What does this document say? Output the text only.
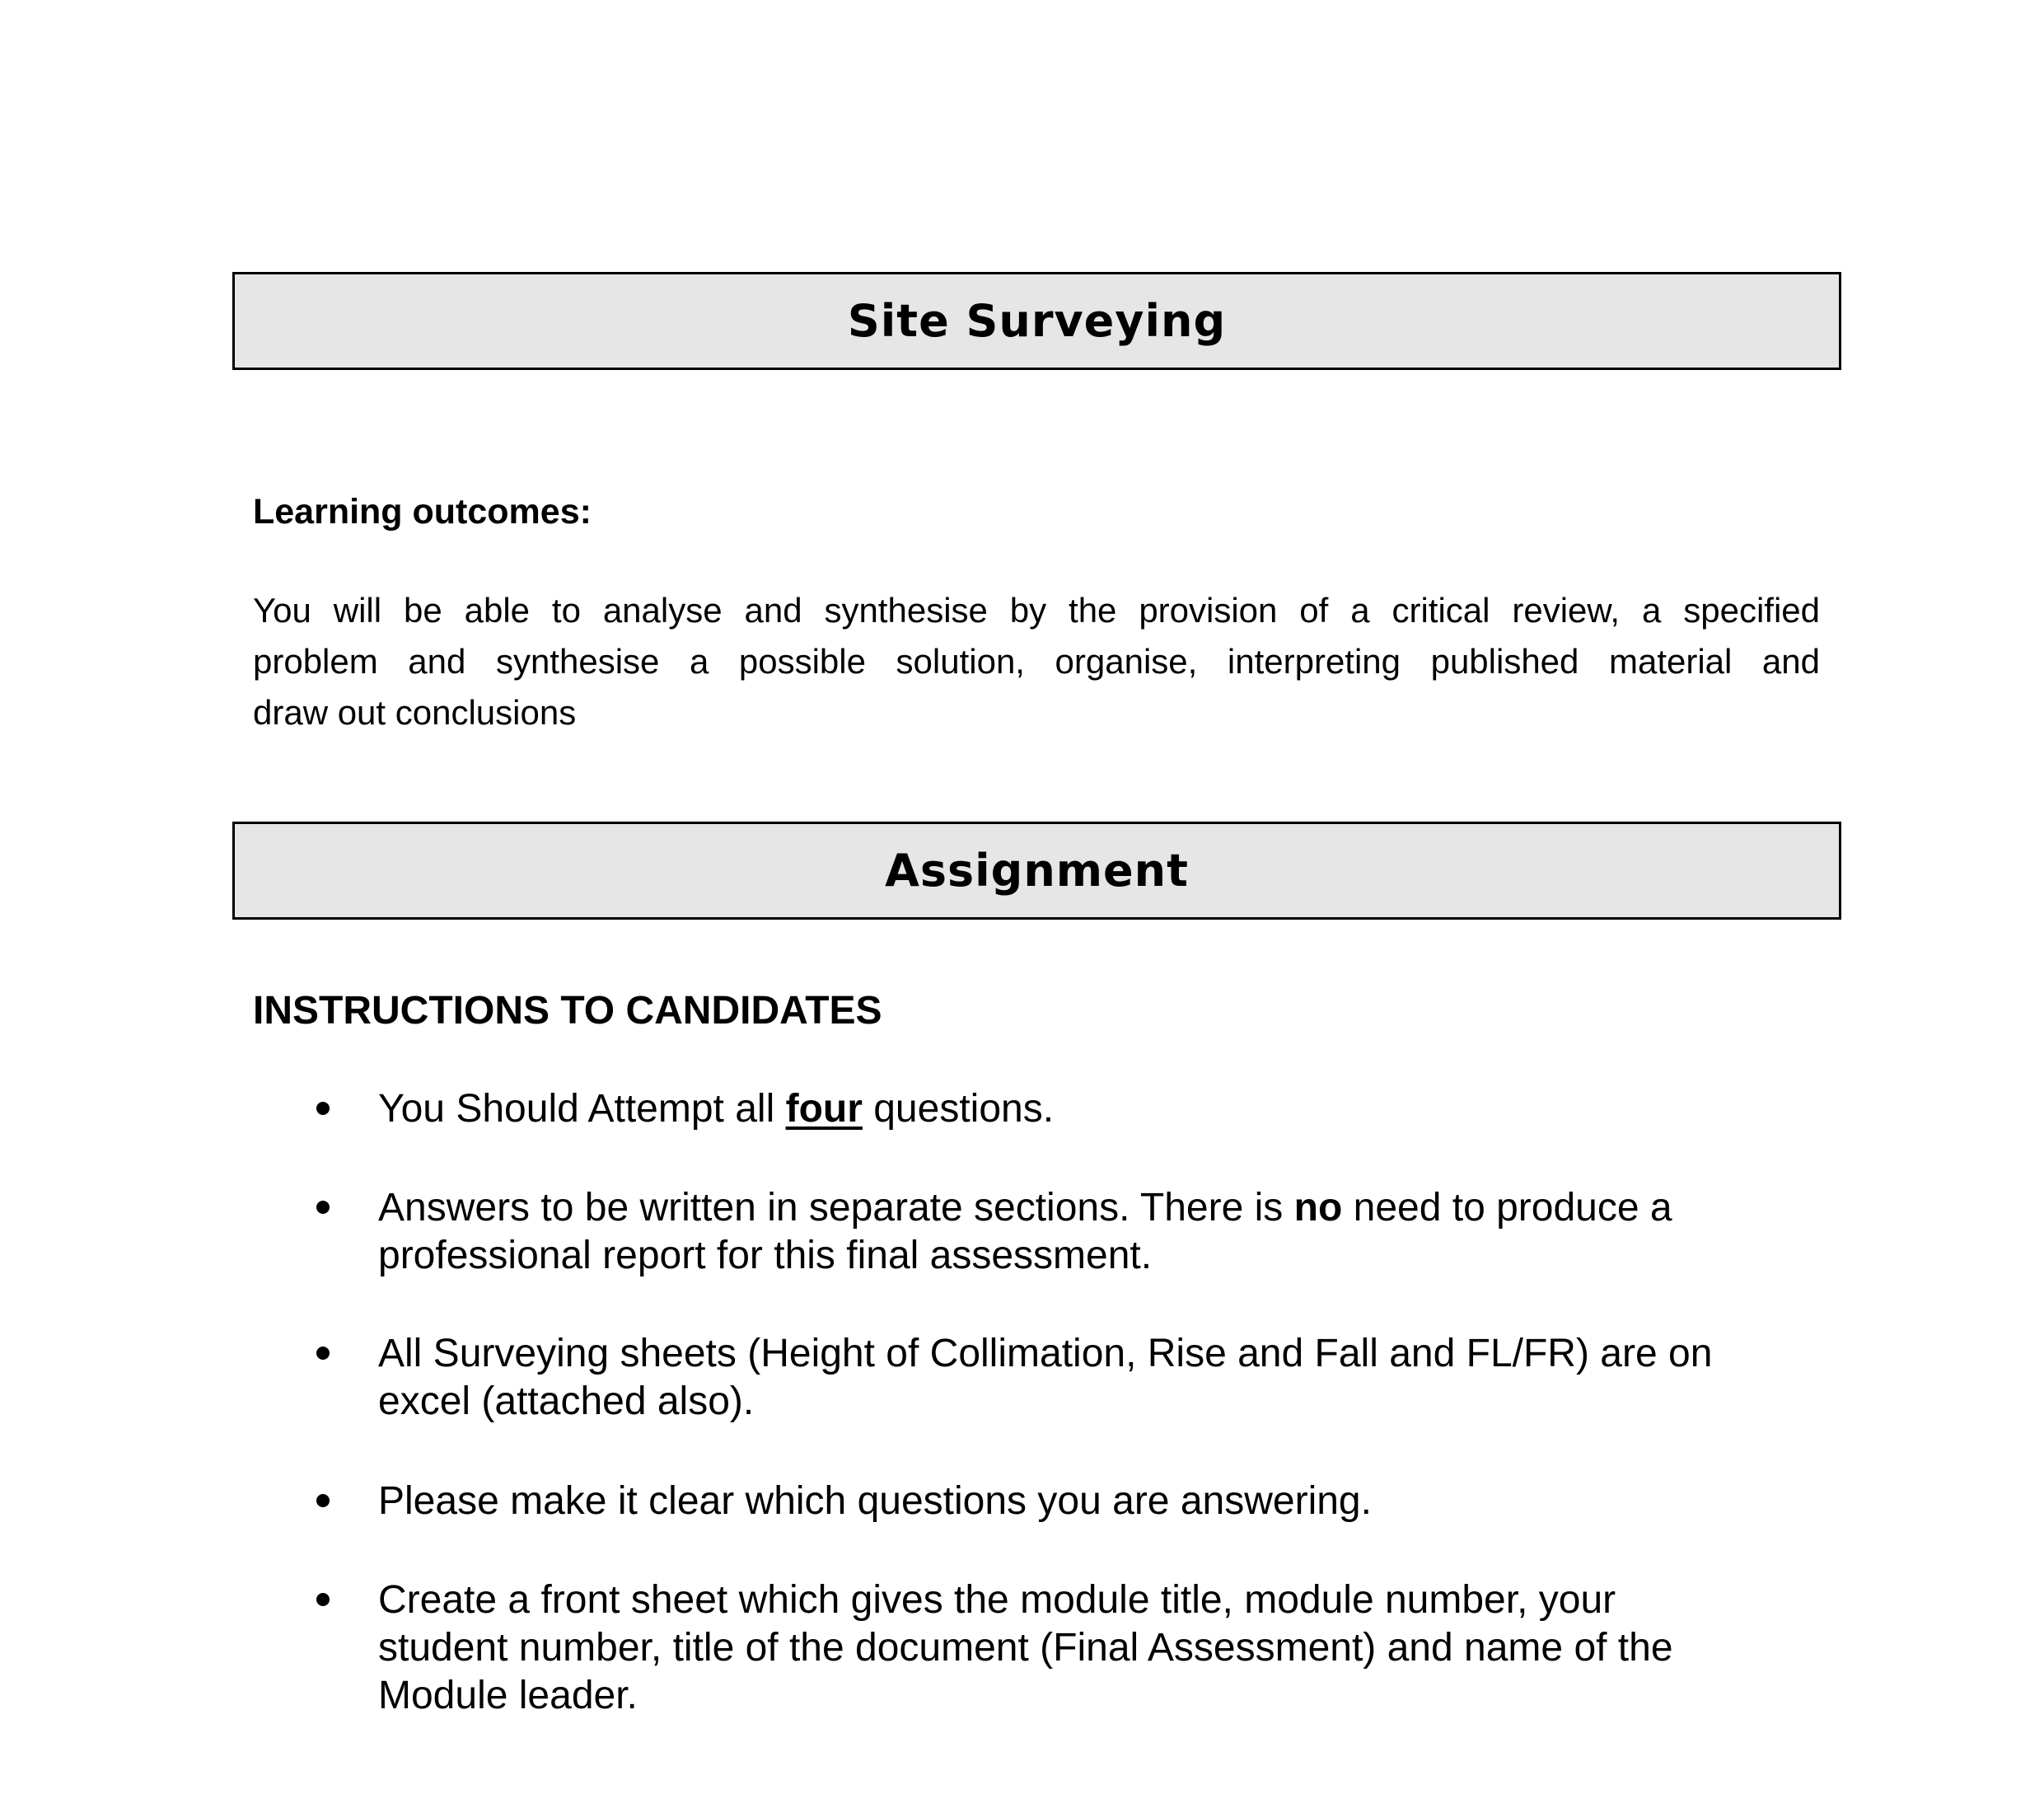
Site Surveying
Learning outcomes:
You will be able to analyse and synthesise by the provision of a critical review, a specified
problem and synthesise a possible solution, organise, interpreting published material and
draw out conclusions
Assignment
INSTRUCTIONS TO CANDIDATES
You Should Attempt all four questions.
Answers to be written in separate sections. There is no need to produce a
professional report for this final assessment.
All Surveying sheets (Height of Collimation, Rise and Fall and FL/FR) are on
excel (attached also).
Please make it clear which questions you are answering.
Create a front sheet which gives the module title, module number, your
student number, title of the document (Final Assessment) and name of the
Module leader.
